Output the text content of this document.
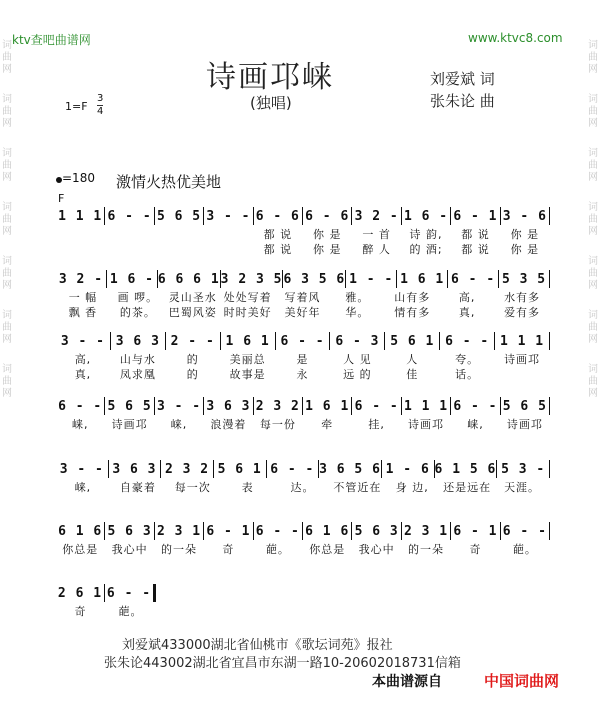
词
曲
网
词
曲
网
词
曲
网
词
曲
网
词
曲
网
词
曲
网
词
曲
网
词
曲
网
词
曲
网
词
曲
网
词
曲
网
词
曲
网
词
曲
网
词
曲
网
ktv查吧曲谱网	www.ktvc8.com
诗画邛崃
(独唱)
刘爱斌 词
张朱论 曲
$1=F \frac{3}{4}$
=180 激情火热优美地
F
1 1 1 6 - - 5 6 5 3 - - 6 - 6 6 - 6 3 2 - 1 6 - 6 - 1 3 - 6
都 说	你 是	一 首	诗 韵,	都 说	你 是
都 说	你 是	醉 人	的 酒;	都 说	你 是
3 2 - 1 6 - 6 6 6 1 3 2 3 5 6 3 5 6 1 - - 1 6 1 6 - - 5 3 5
一 幅	画 啰。 灵山圣水 处处写着	写着风	雅。	山有多	高,	水有多
飘 香	的茶。	巴蜀风姿 时时美好	美好年	华。	情有多	真,	爱有多
3 - - 3 6 3 2 - - 1 6 1 6 - - 6 - 3 5 6 1 6 - - 1 1 1
高,	山与水	的	美丽总	是	人 见	人	夸。	诗画邛
真,	凤求凰	的	故事是	永	远 的	佳	话。
6 - - 5 6 5 3 - - 3 6 3 2 3 2 1 6 1 6 - - 1 1 1 6 - - 5 6 5
崃,	诗画邛	崃,	浪漫着	每一份	牵	挂,	诗画邛	崃,	诗画邛
3 - - 3 6 3 2 3 2 5 6 1 6 - - 3 6 5 6 1 - 6 6 1 5 6 5 3 -
崃,	自豪着	每一次	表	达。	不管近在	身 边,	还是远在	天涯。
6 1 6 5 6 3 2 3 1 6 - 1 6 - - 6 1 6 5 6 3 2 3 1 6 - 1 6 - -
你总是	我心中	的一朵	奇	葩。	你总是	我心中	的一朵	奇	葩。
2 6 1 6 - -
奇	葩。
刘爱斌433000湖北省仙桃市《歌坛词苑》报社
张朱论443002湖北省宜昌市东湖一路10-20602018731信箱
本曲谱源自	中国词曲网
